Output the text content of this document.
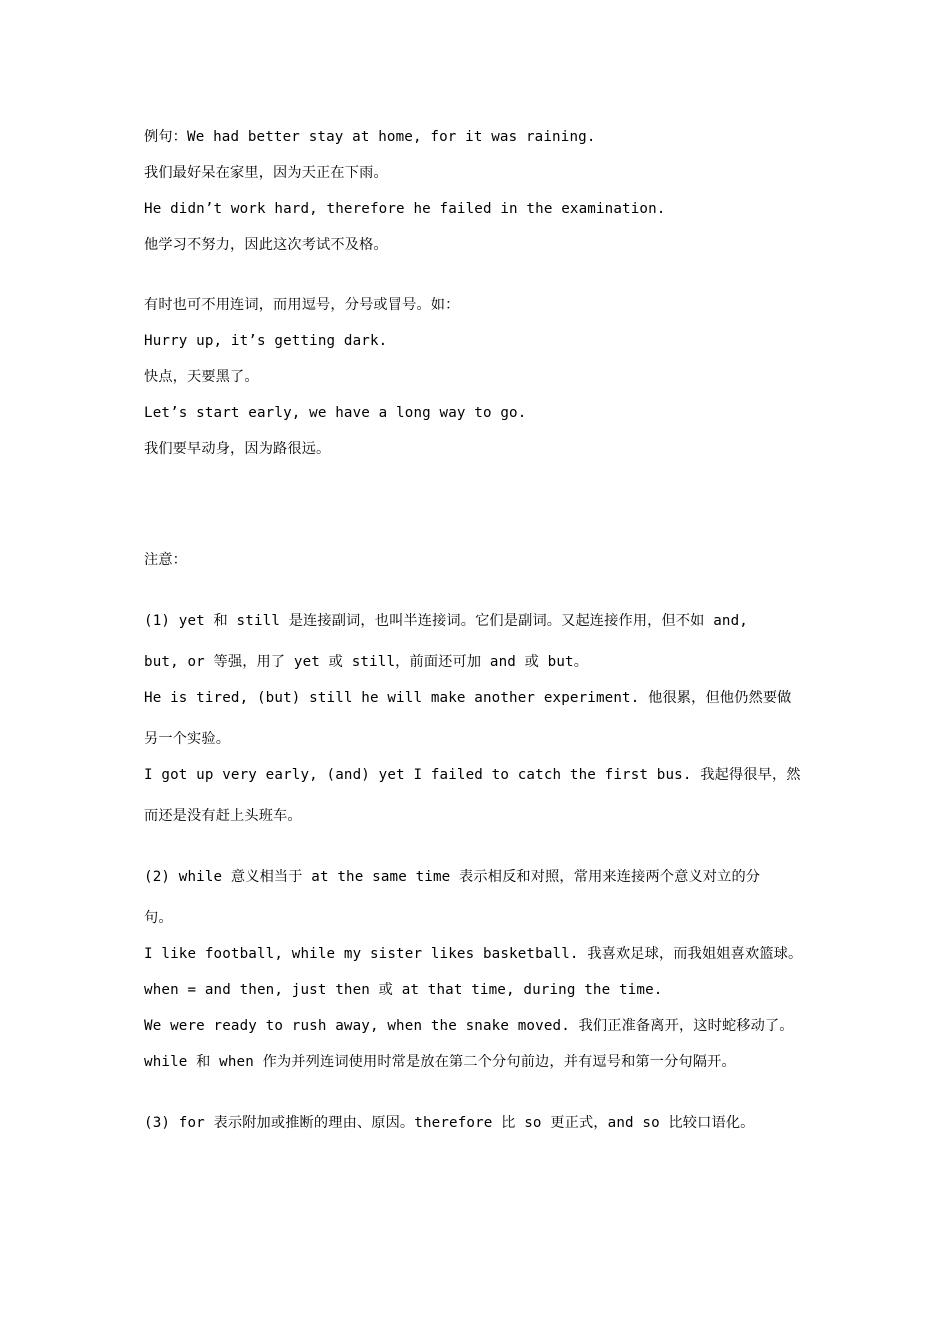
例句：We had better stay at home, for it was raining.
我们最好呆在家里，因为天正在下雨。
He didn’t work hard, therefore he failed in the examination.
他学习不努力，因此这次考试不及格。
有时也可不用连词，而用逗号，分号或冒号。如：
Hurry up, it’s getting dark.
快点，天要黑了。
Let’s start early, we have a long way to go.
我们要早动身，因为路很远。
注意：
(1) yet 和 still 是连接副词，也叫半连接词。它们是副词。又起连接作用，但不如 and,
but, or 等强，用了 yet 或 still，前面还可加 and 或 but。
He is tired, (but) still he will make another experiment. 他很累，但他仍然要做
另一个实验。
I got up very early, (and) yet I failed to catch the first bus. 我起得很早，然
而还是没有赶上头班车。
(2) while 意义相当于 at the same time 表示相反和对照，常用来连接两个意义对立的分
句。
I like football, while my sister likes basketball. 我喜欢足球，而我姐姐喜欢篮球。
when = and then, just then 或 at that time, during the time.
We were ready to rush away, when the snake moved. 我们正准备离开，这时蛇移动了。
while 和 when 作为并列连词使用时常是放在第二个分句前边，并有逗号和第一分句隔开。
(3) for 表示附加或推断的理由、原因。therefore 比 so 更正式，and so 比较口语化。
